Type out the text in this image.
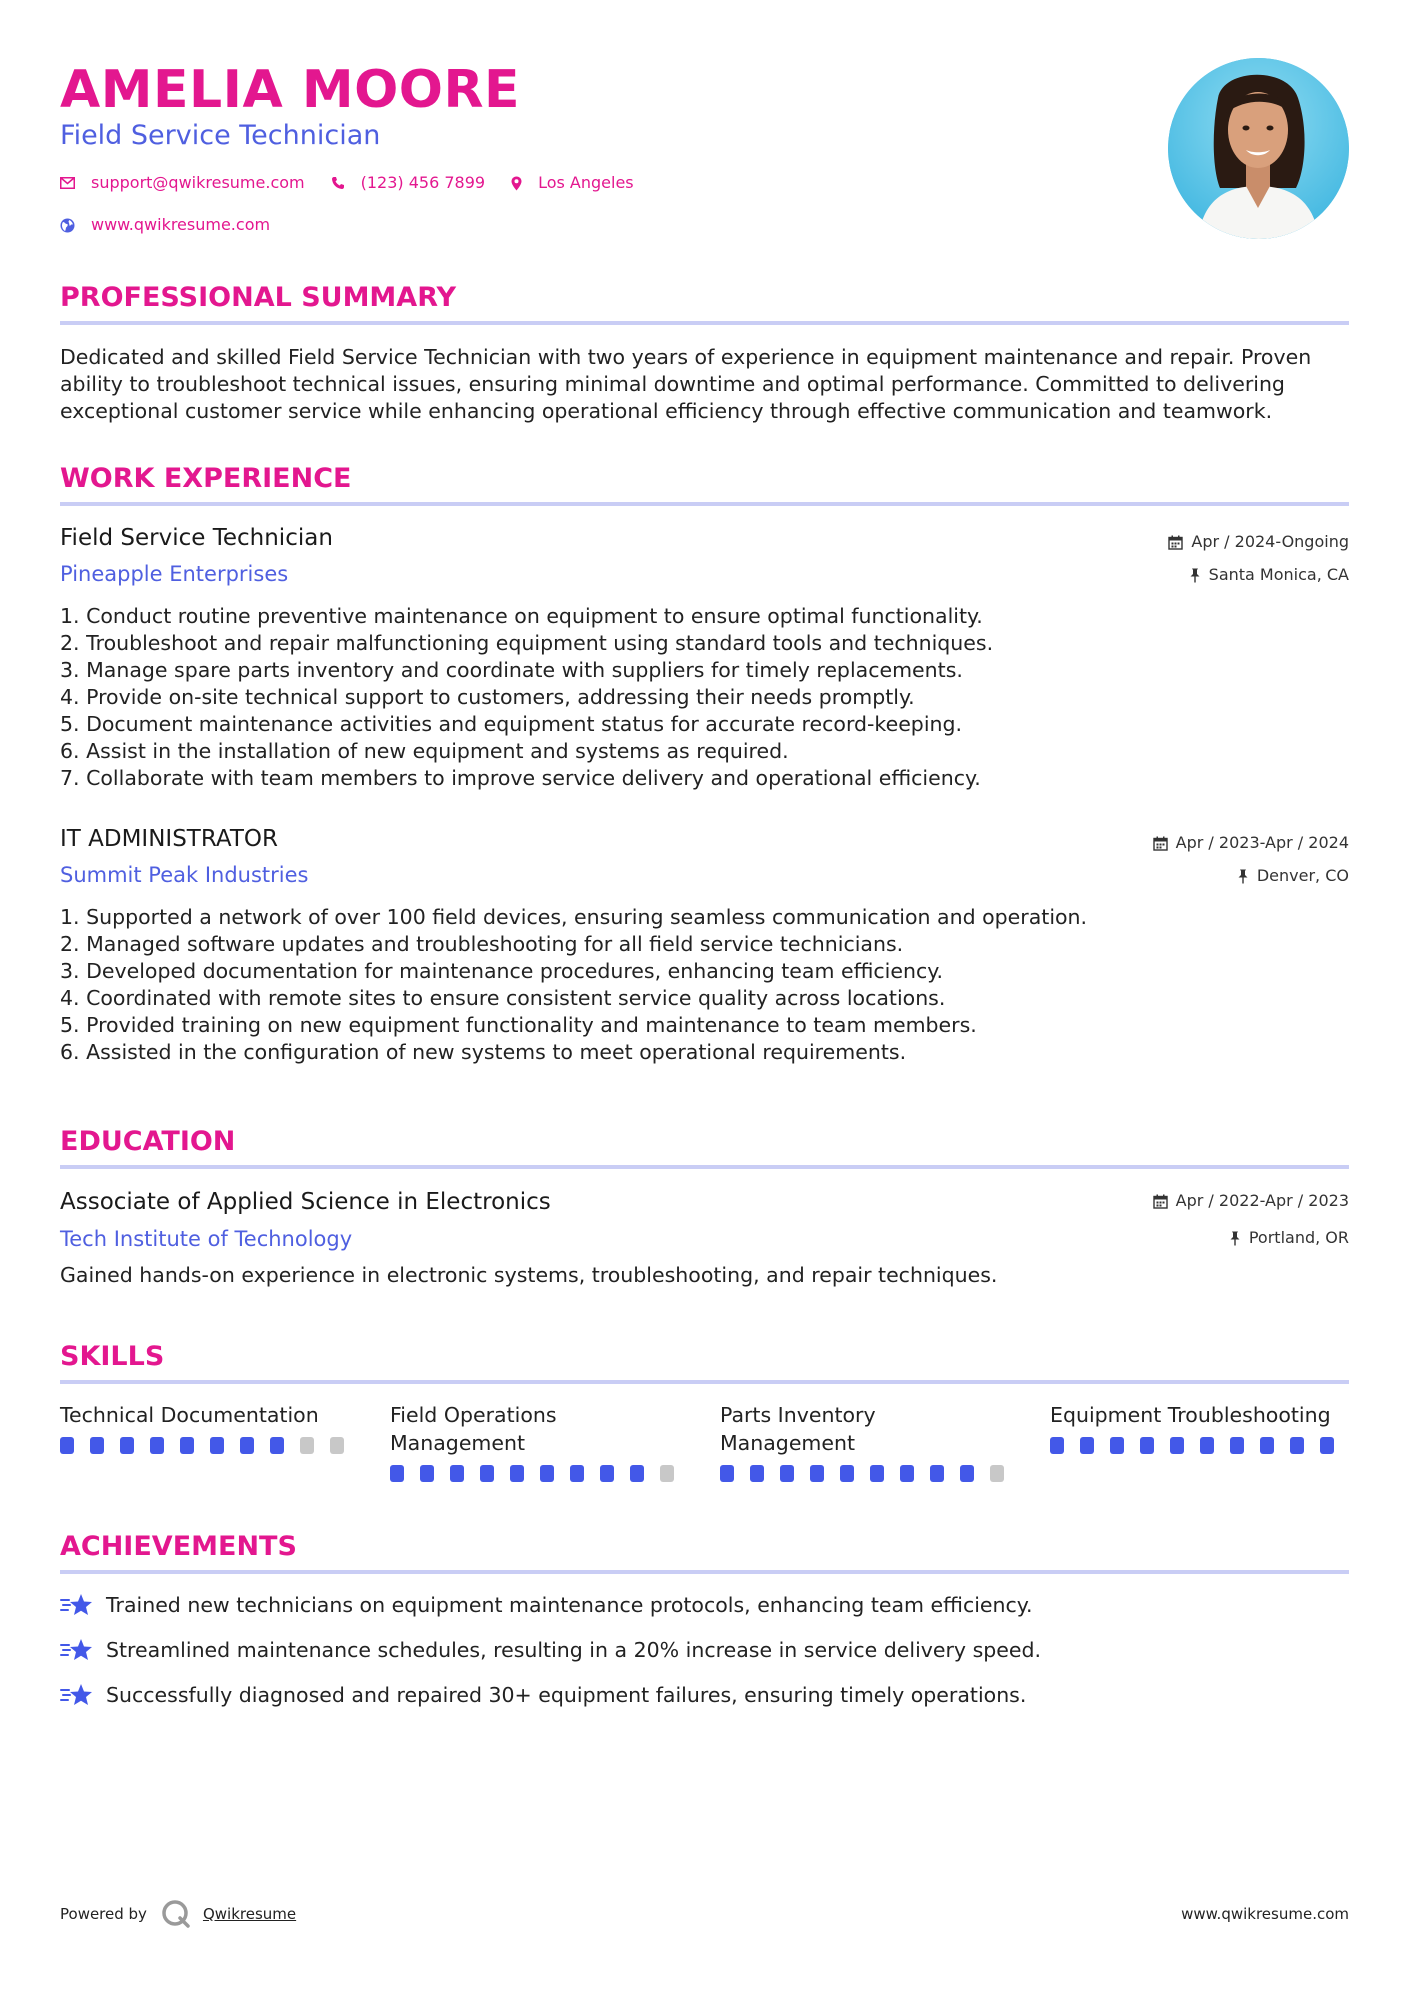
AMELIA MOORE
Field Service Technician
support@qwikresume.com	(123) 456 7899	Los Angeles
www.qwikresume.com
PROFESSIONAL SUMMARY
Dedicated and skilled Field Service Technician with two years of experience in equipment maintenance and repair. Proven ability to troubleshoot technical issues, ensuring minimal downtime and optimal performance. Committed to delivering exceptional customer service while enhancing operational efficiency through effective communication and teamwork.
WORK EXPERIENCE
Field Service Technician
Pineapple Enterprises
Apr / 2024-Ongoing
Santa Monica, CA
1. Conduct routine preventive maintenance on equipment to ensure optimal functionality.
2. Troubleshoot and repair malfunctioning equipment using standard tools and techniques.
3. Manage spare parts inventory and coordinate with suppliers for timely replacements.
4. Provide on-site technical support to customers, addressing their needs promptly.
5. Document maintenance activities and equipment status for accurate record-keeping.
6. Assist in the installation of new equipment and systems as required.
7. Collaborate with team members to improve service delivery and operational efficiency.
IT ADMINISTRATOR
Summit Peak Industries
Apr / 2023-Apr / 2024
Denver, CO
1. Supported a network of over 100 field devices, ensuring seamless communication and operation.
2. Managed software updates and troubleshooting for all field service technicians.
3. Developed documentation for maintenance procedures, enhancing team efficiency.
4. Coordinated with remote sites to ensure consistent service quality across locations.
5. Provided training on new equipment functionality and maintenance to team members.
6. Assisted in the configuration of new systems to meet operational requirements.
EDUCATION
Associate of Applied Science in Electronics
Tech Institute of Technology
Apr / 2022-Apr / 2023
Portland, OR
Gained hands-on experience in electronic systems, troubleshooting, and repair techniques.
SKILLS
Technical Documentation	Field Operations Management
Parts Inventory Management
Equipment Troubleshooting
ACHIEVEMENTS
Trained new technicians on equipment maintenance protocols, enhancing team efficiency.
Streamlined maintenance schedules, resulting in a 20% increase in service delivery speed.
Successfully diagnosed and repaired 30+ equipment failures, ensuring timely operations.
Powered by	Qwikresume	www.qwikresume.com
